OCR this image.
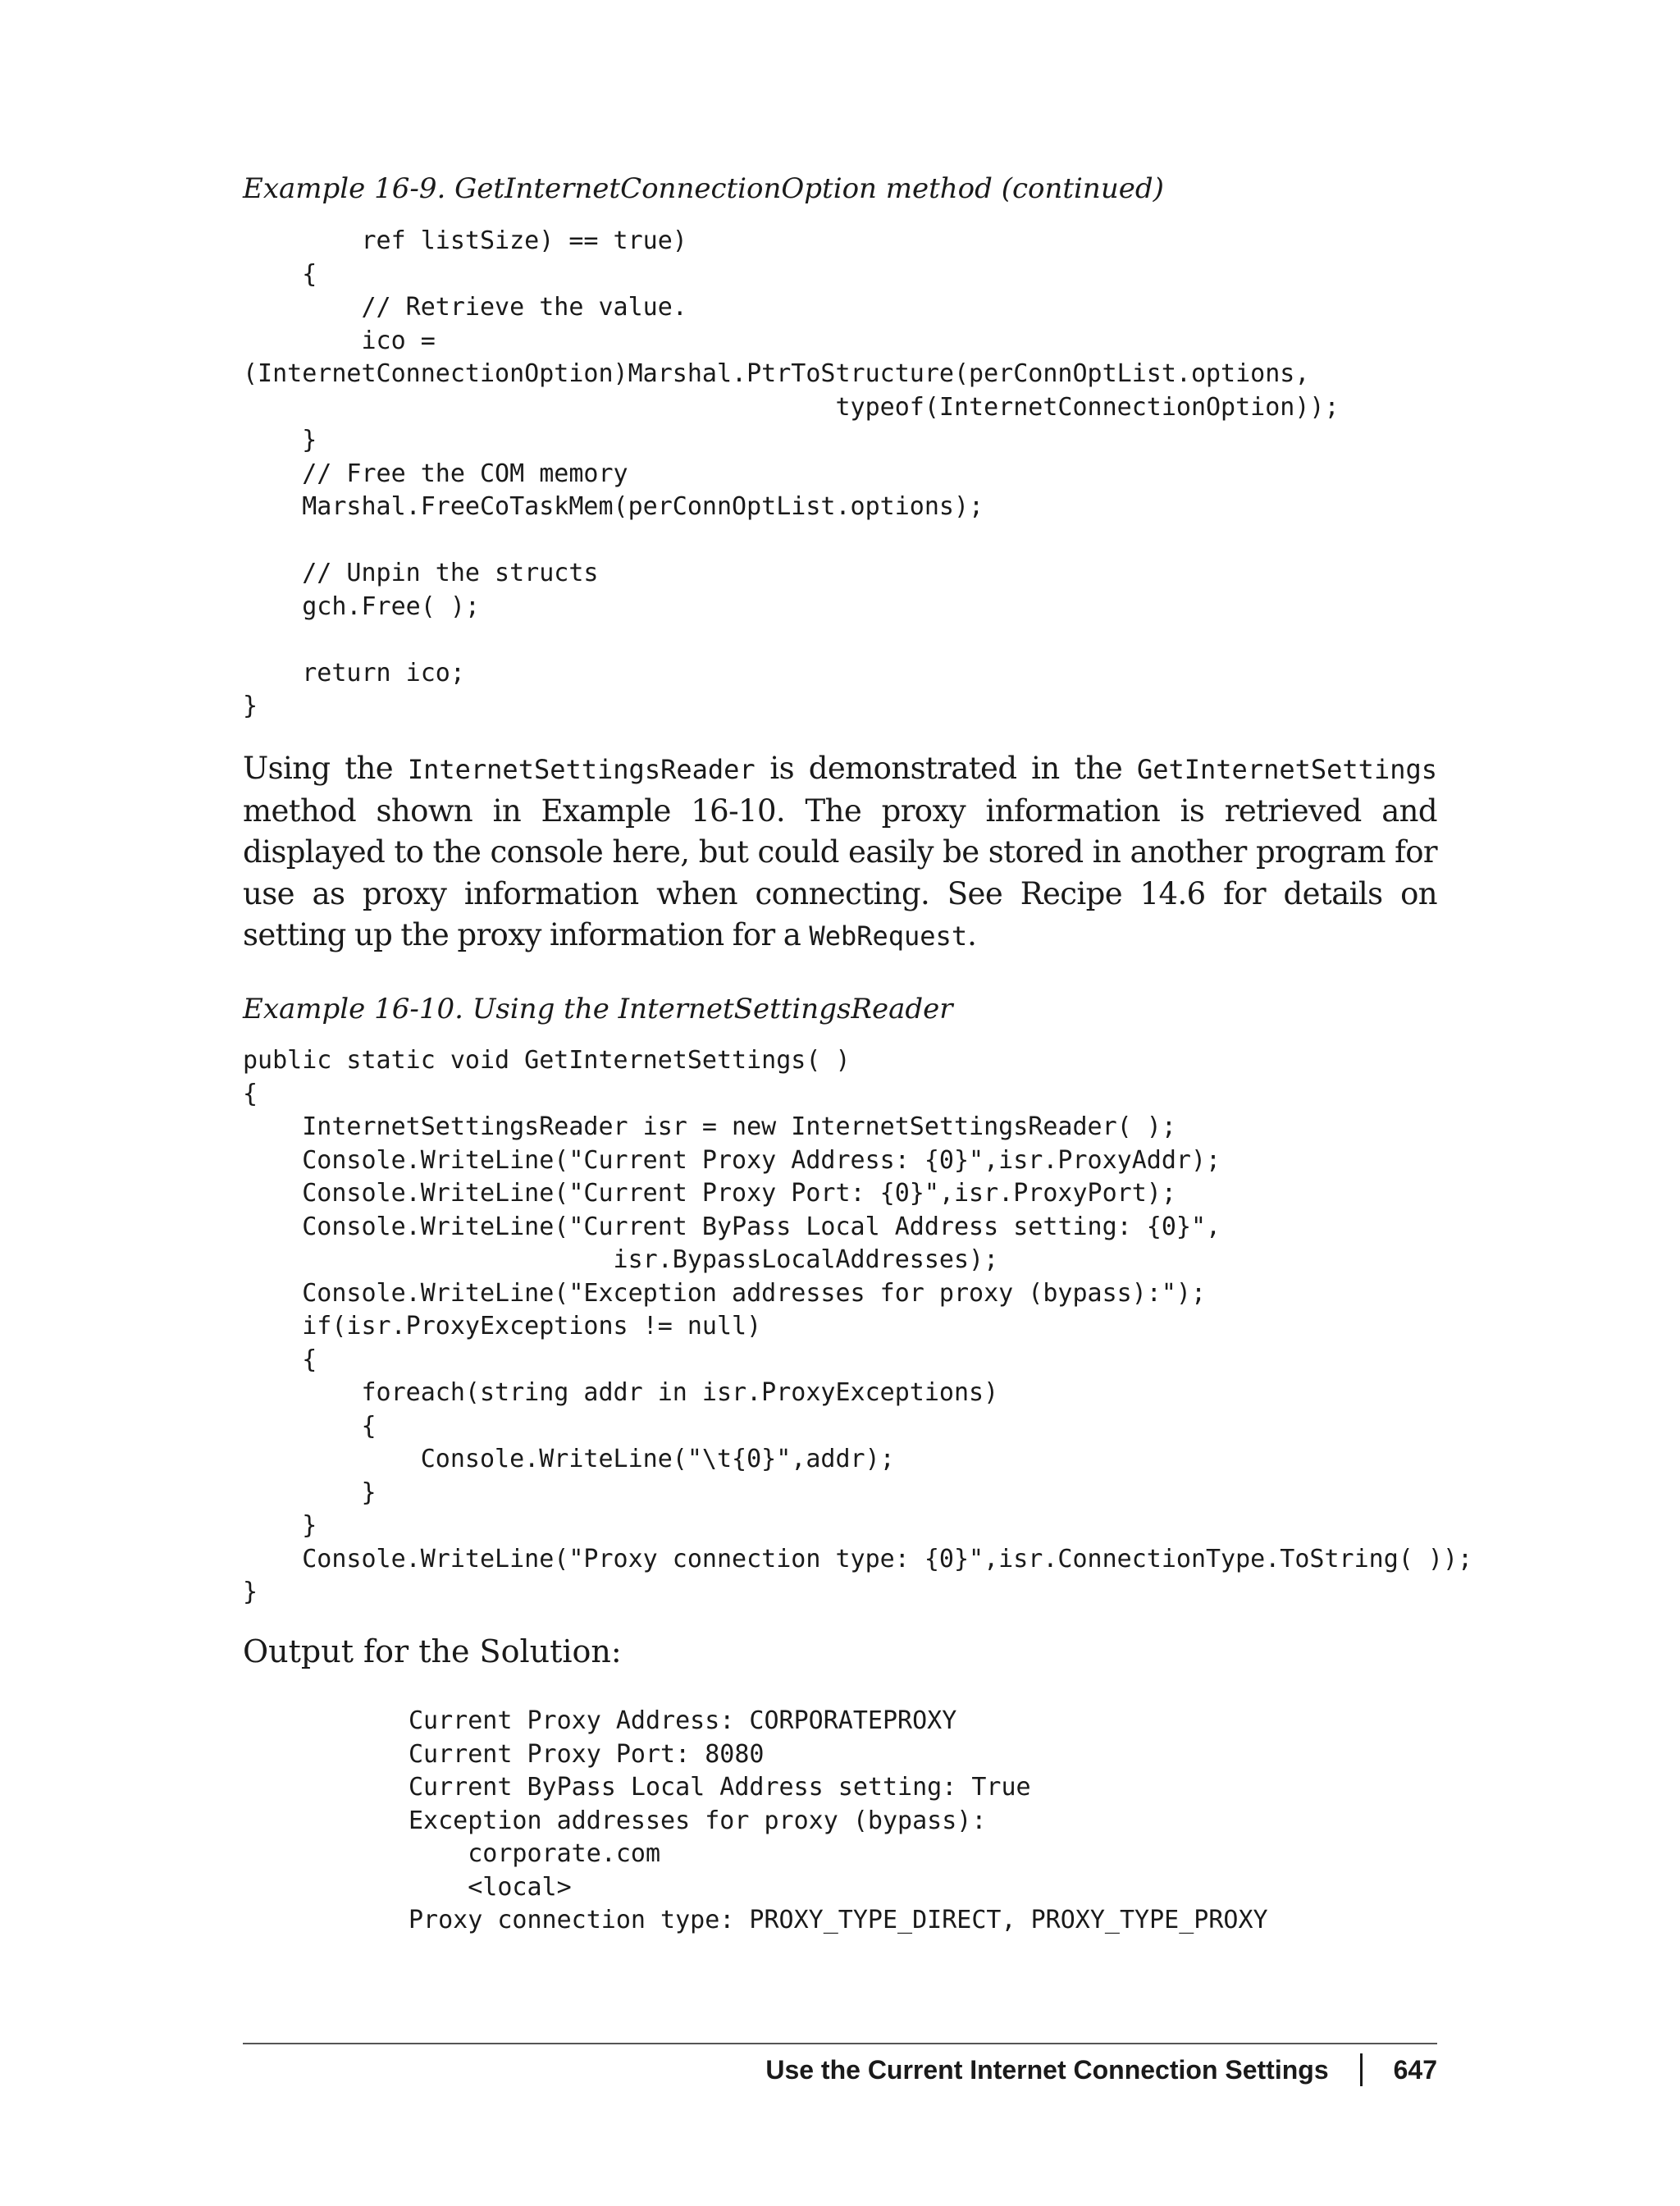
Example 16-9. GetInternetConnectionOption method (continued)
ref listSize) == true)
{
// Retrieve the value.
ico =
(InternetConnectionOption)Marshal.PtrToStructure(perConnOptList.options,
typeof(InternetConnectionOption));
}
// Free the COM memory
Marshal.FreeCoTaskMem(perConnOptList.options);

// Unpin the structs
gch.Free( );

return ico;
}

Using the InternetSettingsReader is demonstrated in the GetInternetSettings method shown in Example 16-10. The proxy information is retrieved and displayed to the console here, but could easily be stored in another program for use as proxy information when connecting. See Recipe 14.6 for details on setting up the proxy information for a WebRequest.

Example 16-10. Using the InternetSettingsReader
public static void GetInternetSettings( )
{
InternetSettingsReader isr = new InternetSettingsReader( );
Console.WriteLine("Current Proxy Address: {0}",isr.ProxyAddr);
Console.WriteLine("Current Proxy Port: {0}",isr.ProxyPort);
Console.WriteLine("Current ByPass Local Address setting: {0}",
isr.BypassLocalAddresses);
Console.WriteLine("Exception addresses for proxy (bypass):");
if(isr.ProxyExceptions != null)
{
foreach(string addr in isr.ProxyExceptions)
{
Console.WriteLine("\t{0}",addr);
}
}
Console.WriteLine("Proxy connection type: {0}",isr.ConnectionType.ToString( ));
}
Output for the Solution:
Current Proxy Address: CORPORATEPROXY
Current Proxy Port: 8080
Current ByPass Local Address setting: True
Exception addresses for proxy (bypass):
corporate.com
<local>
Proxy connection type: PROXY_TYPE_DIRECT, PROXY_TYPE_PROXY
Use the Current Internet Connection Settings 647
